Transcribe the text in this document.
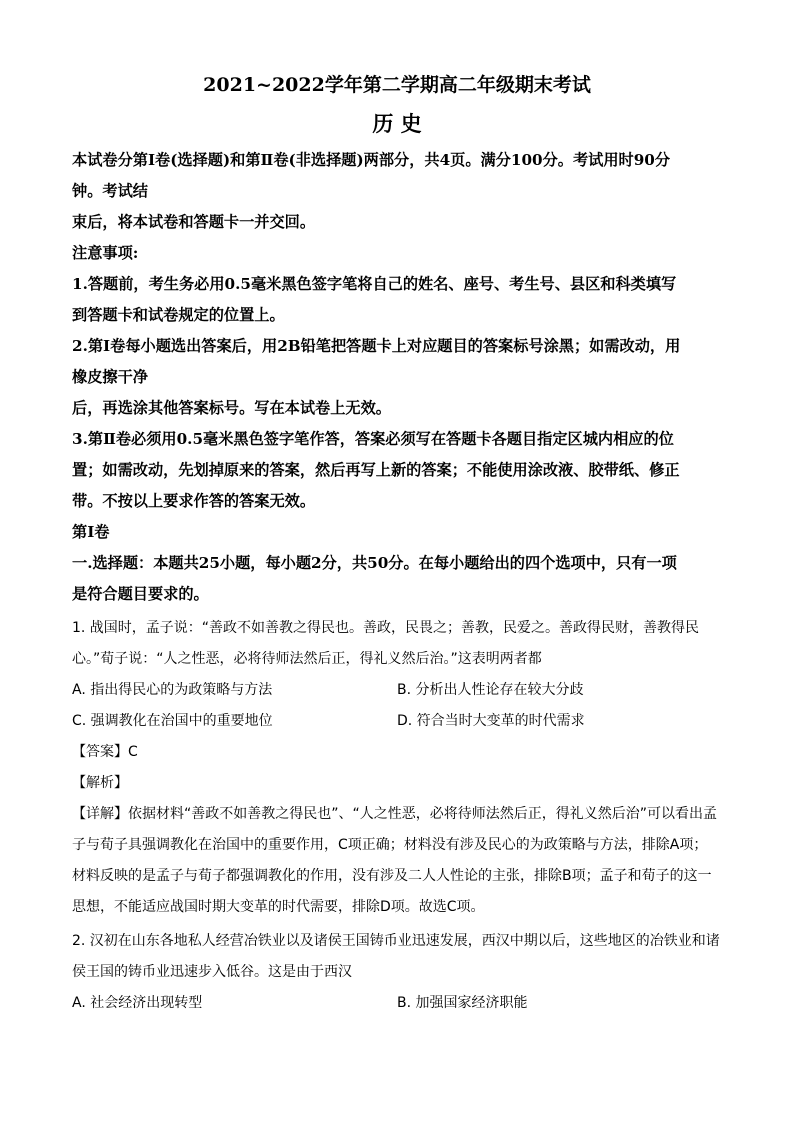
2021~2022学年第二学期高二年级期末考试
历 史
本试卷分第Ⅰ卷(选择题)和第Ⅱ卷(非选择题)两部分，共4页。满分100分。考试用时90分
钟。考试结
束后，将本试卷和答题卡一并交回。
注意事项:
1.答题前，考生务必用0.5毫米黑色签字笔将自己的姓名、座号、考生号、县区和科类填写
到答题卡和试卷规定的位置上。
2.第Ⅰ卷每小题选出答案后，用2B铅笔把答题卡上对应题目的答案标号涂黑；如需改动，用
橡皮擦干净
后，再选涂其他答案标号。写在本试卷上无效。
3.第Ⅱ卷必须用0.5毫米黑色签字笔作答，答案必须写在答题卡各题目指定区城内相应的位
置；如需改动，先划掉原来的答案，然后再写上新的答案；不能使用涂改液、胶带纸、修正
带。不按以上要求作答的答案无效。
第Ⅰ卷
一.选择题：本题共25小题，每小题2分，共50分。在每小题给出的四个选项中，只有一项
是符合题目要求的。
1. 战国时，孟子说：“善政不如善教之得民也。善政，民畏之；善教，民爱之。善政得民财，善教得民
心。”荀子说：“人之性恶，必将待师法然后正，得礼义然后治。”这表明两者都
A. 指出得民心的为政策略与方法	B. 分析出人性论存在较大分歧
C. 强调教化在治国中的重要地位	D. 符合当时大变革的时代需求
【答案】C
【解析】
【详解】依据材料“善政不如善教之得民也”、“人之性恶，必将待师法然后正，得礼义然后治”可以看出孟
子与荀子具强调教化在治国中的重要作用，C项正确；材料没有涉及民心的为政策略与方法，排除A项；
材料反映的是孟子与荀子都强调教化的作用，没有涉及二人人性论的主张，排除B项；孟子和荀子的这一
思想，不能适应战国时期大变革的时代需要，排除D项。故选C项。
2. 汉初在山东各地私人经营冶铁业以及诸侯王国铸币业迅速发展，西汉中期以后，这些地区的冶铁业和诸
侯王国的铸币业迅速步入低谷。这是由于西汉
A. 社会经济出现转型	B. 加强国家经济职能
